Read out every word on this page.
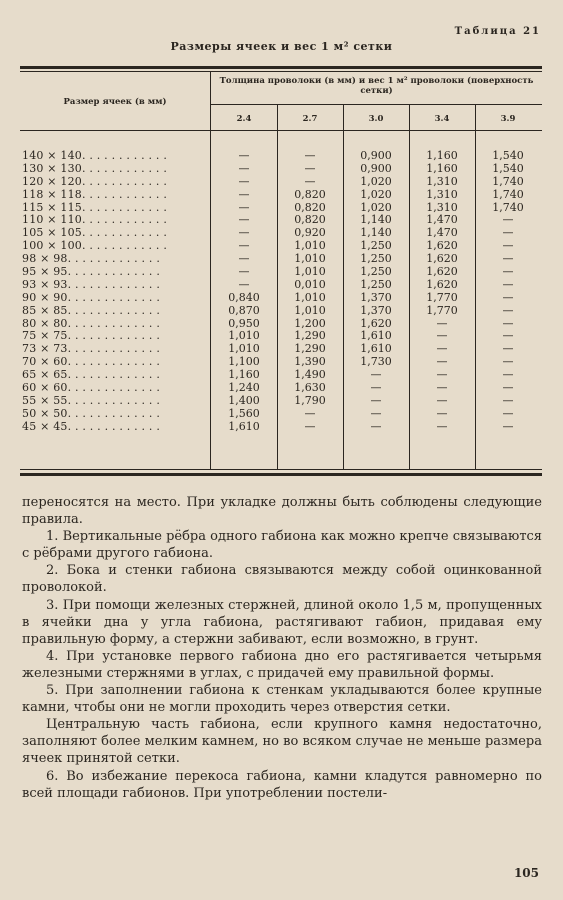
Таблица 21
Размеры ячеек и вес 1 м² сетки
Размер ячеек (в мм)
Толщина проволоки (в мм) и вес 1 м² проволоки (поверхность сетки)
2.4	2.7	3.0	3.4	3.9
140 × 140. . . . . . . . . . . .	—	—	0,900	1,160	1,540
130 × 130. . . . . . . . . . . .	—	—	0,900	1,160	1,540
120 × 120. . . . . . . . . . . .	—	—	1,020	1,310	1,740
118 × 118. . . . . . . . . . . .	—	0,820	1,020	1,310	1,740
115 × 115. . . . . . . . . . . .	—	0,820	1,020	1,310	1,740
110 × 110. . . . . . . . . . . .	—	0,820	1,140	1,470	—
105 × 105. . . . . . . . . . . .	—	0,920	1,140	1,470	—
100 × 100. . . . . . . . . . . .	—	1,010	1,250	1,620	—
98 × 98. . . . . . . . . . . . .	—	1,010	1,250	1,620	—
95 × 95. . . . . . . . . . . . .	—	1,010	1,250	1,620	—
93 × 93. . . . . . . . . . . . .	—	0,010	1,250	1,620	—
90 × 90. . . . . . . . . . . . .	0,840	1,010	1,370	1,770	—
85 × 85. . . . . . . . . . . . .	0,870	1,010	1,370	1,770	—
80 × 80. . . . . . . . . . . . .	0,950	1,200	1,620	—	—
75 × 75. . . . . . . . . . . . .	1,010	1,290	1,610	—	—
73 × 73. . . . . . . . . . . . .	1,010	1,290	1,610	—	—
70 × 60. . . . . . . . . . . . .	1,100	1,390	1,730	—	—
65 × 65. . . . . . . . . . . . .	1,160	1,490	—	—	—
60 × 60. . . . . . . . . . . . .	1,240	1,630	—	—	—
55 × 55. . . . . . . . . . . . .	1,400	1,790	—	—	—
50 × 50. . . . . . . . . . . . .	1,560	—	—	—	—
45 × 45. . . . . . . . . . . . .	1,610	—	—	—	—

переносятся на место. При укладке должны быть соблюдены следующие правила.

1. Вертикальные рёбра одного габиона как можно крепче связываются с рёбрами другого габиона.

2. Бока и стенки габиона связываются между собой оцинкованной проволокой.

3. При помощи железных стержней, длиной около 1,5 м, пропущенных в ячейки дна у угла габиона, растягивают габион, придавая ему правильную форму, а стержни забивают, если возможно, в грунт.

4. При установке первого габиона дно его растягивается четырьмя железными стержнями в углах, с придачей ему правильной формы.

5. При заполнении габиона к стенкам укладываются более крупные камни, чтобы они не могли проходить через отверстия сетки.

Центральную часть габиона, если крупного камня недостаточно, заполняют более мелким камнем, но во всяком случае не меньше размера ячеек принятой сетки.

6. Во избежание перекоса габиона, камни кладутся равномерно по всей площади габионов. При употреблении постели-

105
